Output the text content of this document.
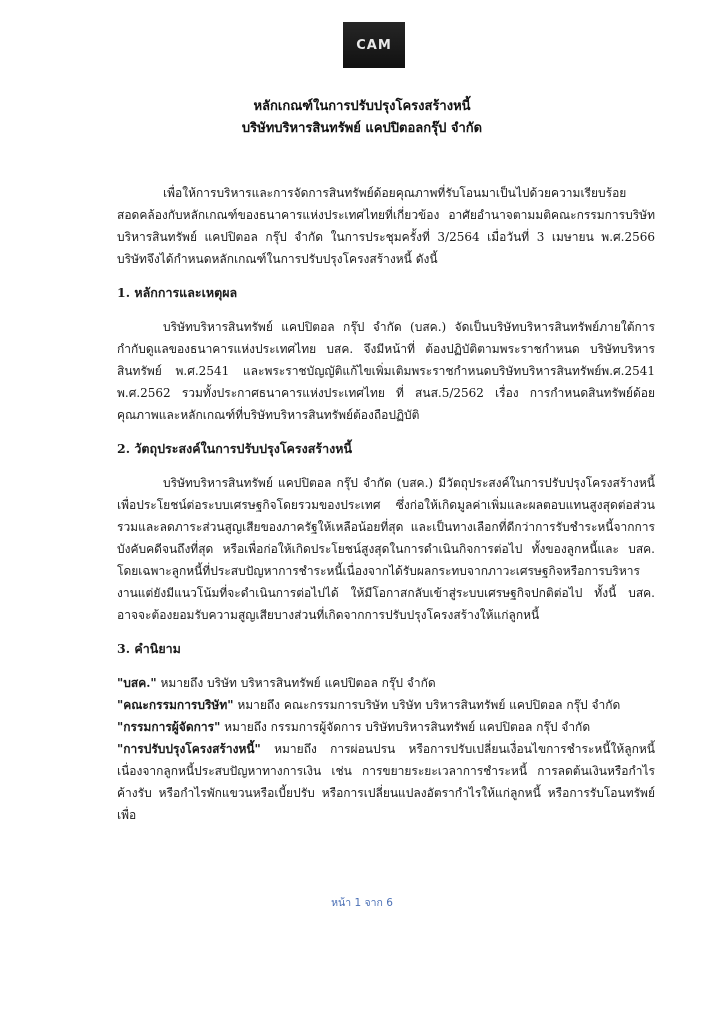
CAM
หลักเกณฑ์ในการปรับปรุงโครงสร้างหนี้
บริษัทบริหารสินทรัพย์ แคปปิตอลกรุ๊ป จำกัด

เพื่อให้การบริหารและการจัดการสินทรัพย์ด้อยคุณภาพที่รับโอนมาเป็นไปด้วยความเรียบร้อยสอดคล้องกับหลักเกณฑ์ของธนาคารแห่งประเทศไทยที่เกี่ยวข้อง อาศัยอำนาจตามมติคณะกรรมการบริษัท บริหารสินทรัพย์ แคปปิตอล กรุ๊ป จำกัด ในการประชุมครั้งที่ 3/2564 เมื่อวันที่ 3 เมษายน พ.ศ.2566 บริษัทจึงได้กำหนดหลักเกณฑ์ในการปรับปรุงโครงสร้างหนี้ ดังนี้

1. หลักการและเหตุผล

บริษัทบริหารสินทรัพย์ แคปปิตอล กรุ๊ป จำกัด (บสค.) จัดเป็นบริษัทบริหารสินทรัพย์ภายใต้การกำกับดูแลของธนาคารแห่งประเทศไทย บสค. จึงมีหน้าที่ ต้องปฏิบัติตามพระราชกำหนด บริษัทบริหารสินทรัพย์ พ.ศ.2541 และพระราชบัญญัติแก้ไขเพิ่มเติมพระราชกำหนดบริษัทบริหารสินทรัพย์พ.ศ.2541 พ.ศ.2562 รวมทั้งประกาศธนาคารแห่งประเทศไทย ที่ สนส.5/2562 เรื่อง การกำหนดสินทรัพย์ด้อยคุณภาพและหลักเกณฑ์ที่บริษัทบริหารสินทรัพย์ต้องถือปฏิบัติ

2. วัตถุประสงค์ในการปรับปรุงโครงสร้างหนี้

บริษัทบริหารสินทรัพย์ แคปปิตอล กรุ๊ป จำกัด (บสค.) มีวัตถุประสงค์ในการปรับปรุงโครงสร้างหนี้เพื่อประโยชน์ต่อระบบเศรษฐกิจโดยรวมของประเทศ ซึ่งก่อให้เกิดมูลค่าเพิ่มและผลตอบแทนสูงสุดต่อส่วนรวมและลดภาระส่วนสูญเสียของภาครัฐให้เหลือน้อยที่สุด และเป็นทางเลือกที่ดีกว่าการรับชำระหนี้จากการบังคับคดีจนถึงที่สุด หรือเพื่อก่อให้เกิดประโยชน์สูงสุดในการดำเนินกิจการต่อไป ทั้งของลูกหนี้และ บสค. โดยเฉพาะลูกหนี้ที่ประสบปัญหาการชำระหนี้เนื่องจากได้รับผลกระทบจากภาวะเศรษฐกิจหรือการบริหารงานแต่ยังมีแนวโน้มที่จะดำเนินการต่อไปได้ ให้มีโอกาสกลับเข้าสู่ระบบเศรษฐกิจปกติต่อไป ทั้งนี้ บสค. อาจจะต้องยอมรับความสูญเสียบางส่วนที่เกิดจากการปรับปรุงโครงสร้างให้แก่ลูกหนี้

3. คำนิยาม

"บสค." หมายถึง บริษัท บริหารสินทรัพย์ แคปปิตอล กรุ๊ป จำกัด

"คณะกรรมการบริษัท" หมายถึง คณะกรรมการบริษัท บริษัท บริหารสินทรัพย์ แคปปิตอล กรุ๊ป จำกัด

"กรรมการผู้จัดการ" หมายถึง กรรมการผู้จัดการ บริษัทบริหารสินทรัพย์ แคปปิตอล กรุ๊ป จำกัด

"การปรับปรุงโครงสร้างหนี้" หมายถึง การผ่อนปรน หรือการปรับเปลี่ยนเงื่อนไขการชำระหนี้ให้ลูกหนี้เนื่องจากลูกหนี้ประสบปัญหาทางการเงิน เช่น การขยายระยะเวลาการชำระหนี้ การลดต้นเงินหรือกำไรค้างรับ หรือกำไรพักแขวนหรือเบี้ยปรับ หรือการเปลี่ยนแปลงอัตรากำไรให้แก่ลูกหนี้ หรือการรับโอนทรัพย์เพื่อ

หน้า 1 จาก 6
